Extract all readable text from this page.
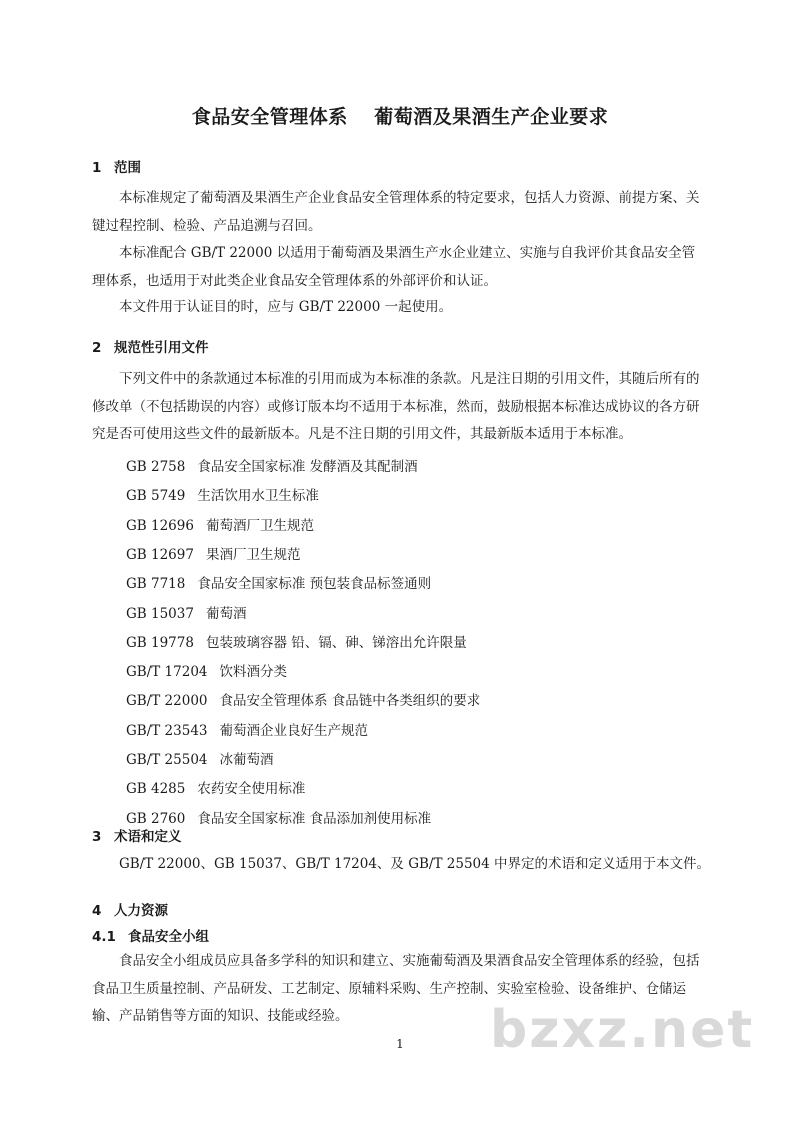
食品安全管理体系　 葡萄酒及果酒生产企业要求
1 范围

本标准规定了葡萄酒及果酒生产企业食品安全管理体系的特定要求，包括人力资源、前提方案、关键过程控制、检验、产品追溯与召回。

本标准配合 GB/T 22000 以适用于葡萄酒及果酒生产水企业建立、实施与自我评价其食品安全管理体系，也适用于对此类企业食品安全管理体系的外部评价和认证。

本文件用于认证目的时，应与 GB/T 22000 一起使用。

2 规范性引用文件

下列文件中的条款通过本标准的引用而成为本标准的条款。凡是注日期的引用文件，其随后所有的修改单（不包括勘误的内容）或修订版本均不适用于本标准，然而，鼓励根据本标准达成协议的各方研究是否可使用这些文件的最新版本。凡是不注日期的引用文件，其最新版本适用于本标准。

GB 2758 食品安全国家标准 发酵酒及其配制酒
GB 5749 生活饮用水卫生标准
GB 12696 葡萄酒厂卫生规范
GB 12697 果酒厂卫生规范
GB 7718 食品安全国家标准 预包装食品标签通则
GB 15037 葡萄酒
GB 19778 包装玻璃容器 铅、镉、砷、锑溶出允许限量
GB/T 17204 饮料酒分类
GB/T 22000 食品安全管理体系 食品链中各类组织的要求
GB/T 23543 葡萄酒企业良好生产规范
GB/T 25504 冰葡萄酒
GB 4285 农药安全使用标准
GB 2760 食品安全国家标准 食品添加剂使用标准
3 术语和定义
GB/T 22000、GB 15037、GB/T 17204、及 GB/T 25504 中界定的术语和定义适用于本文件。
4 人力资源
4.1 食品安全小组

食品安全小组成员应具备多学科的知识和建立、实施葡萄酒及果酒食品安全管理体系的经验，包括食品卫生质量控制、产品研发、工艺制定、原辅料采购、生产控制、实验室检验、设备维护、仓储运输、产品销售等方面的知识、技能或经验。

1	bzxz.net
